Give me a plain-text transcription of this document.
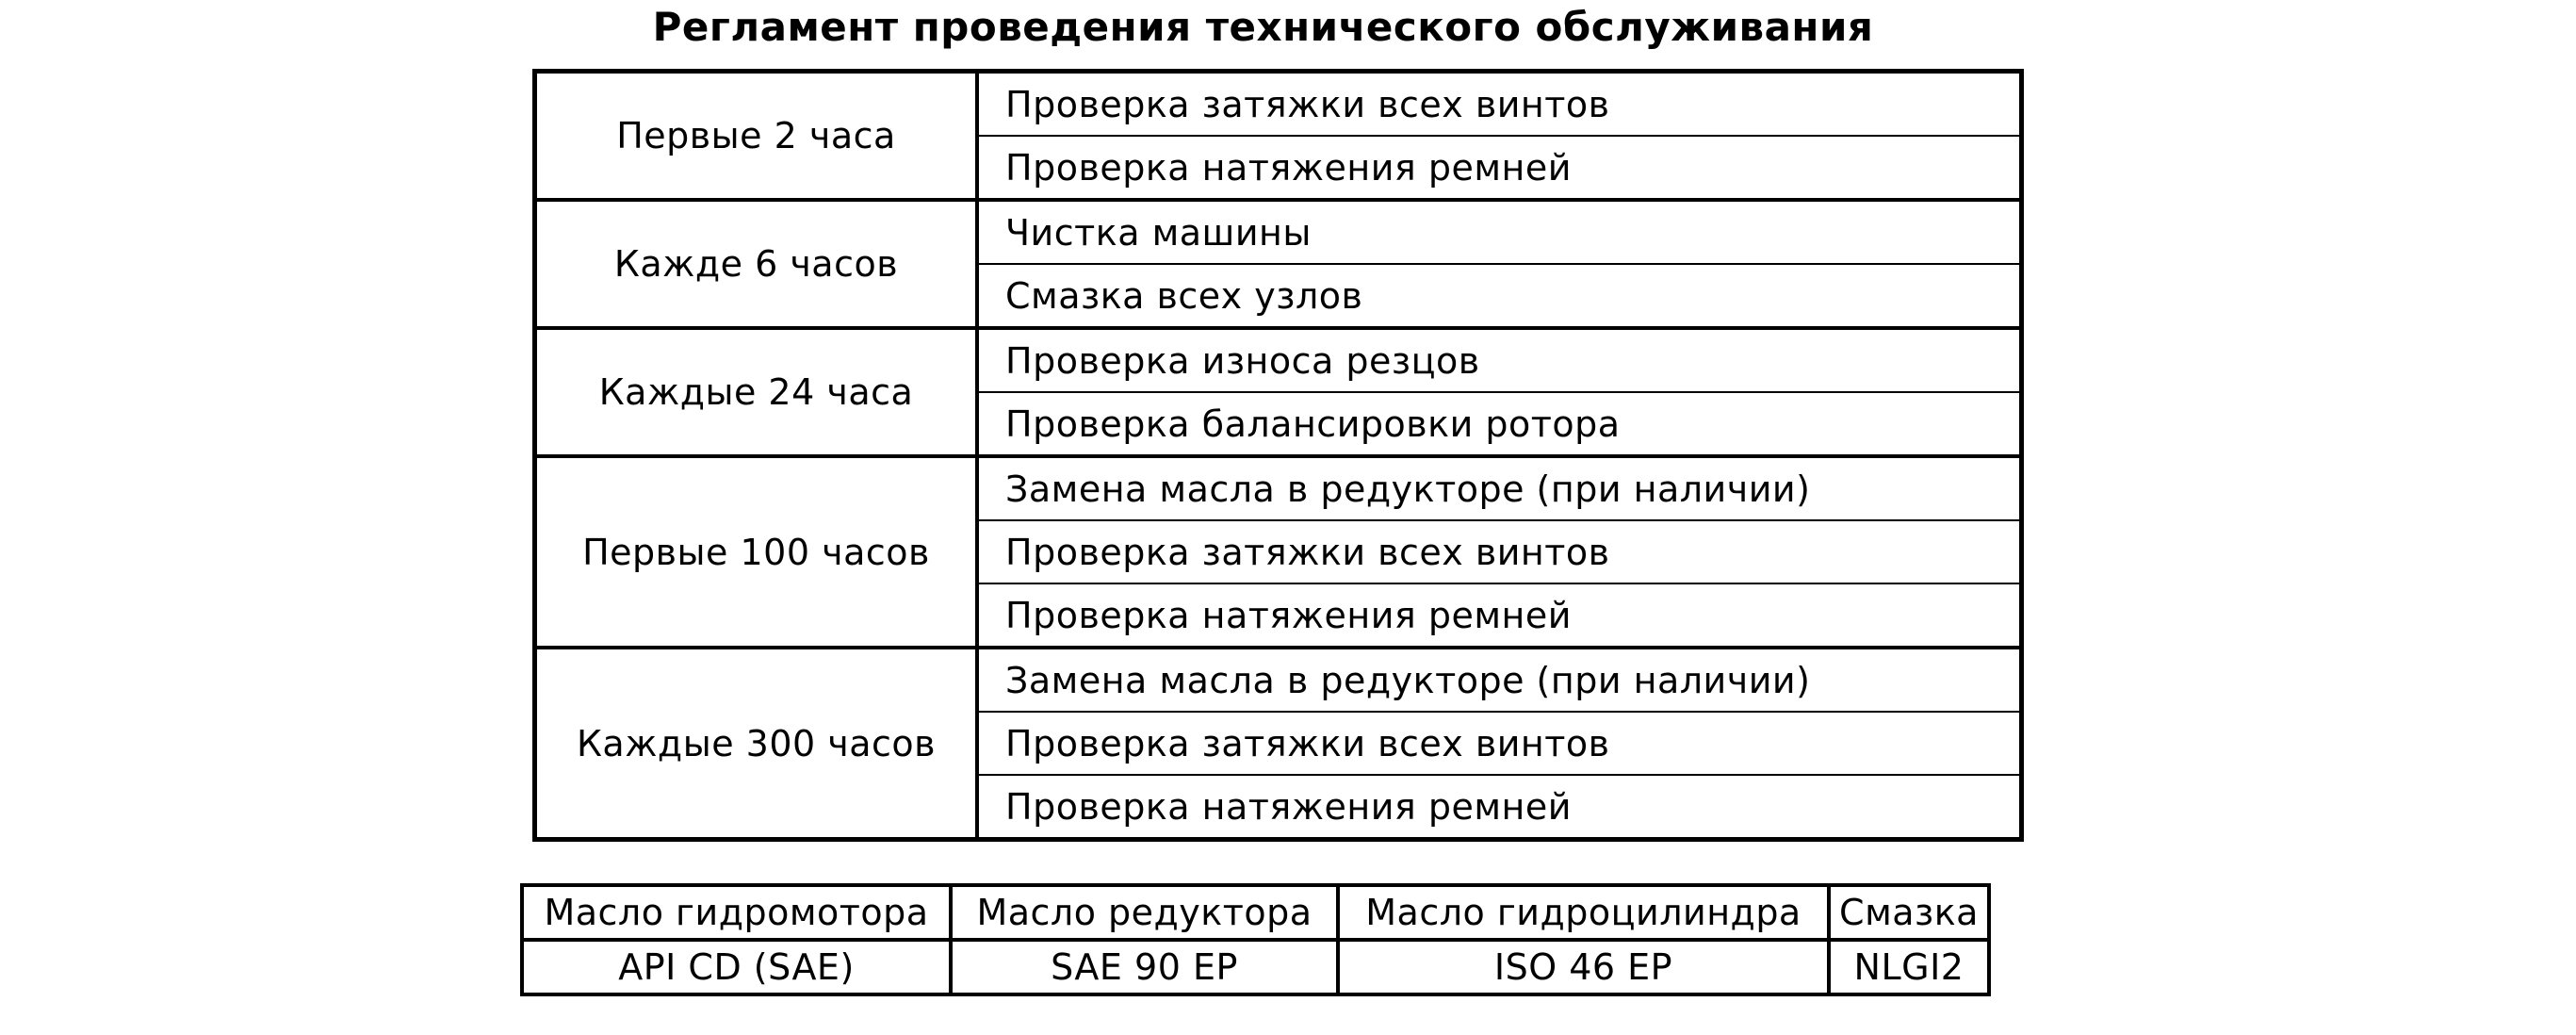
Регламент проведения технического обслуживания
Первые 2 часа	Проверка затяжки всех винтов
	Проверка натяжения ремней
Кажде 6 часов	Чистка машины
	Смазка всех узлов
Каждые 24 часа	Проверка износа резцов
	Проверка балансировки ротора
Первые 100 часов	Замена масла в редукторе (при наличии)
	Проверка затяжки всех винтов
	Проверка натяжения ремней
Каждые 300 часов	Замена масла в редукторе (при наличии)
	Проверка затяжки всех винтов
	Проверка натяжения ремней
Масло гидромотора	Масло редуктора	Масло гидроцилиндра	Смазка
API CD (SAE)	SAE 90 EP	ISO 46 EP	NLGI2
